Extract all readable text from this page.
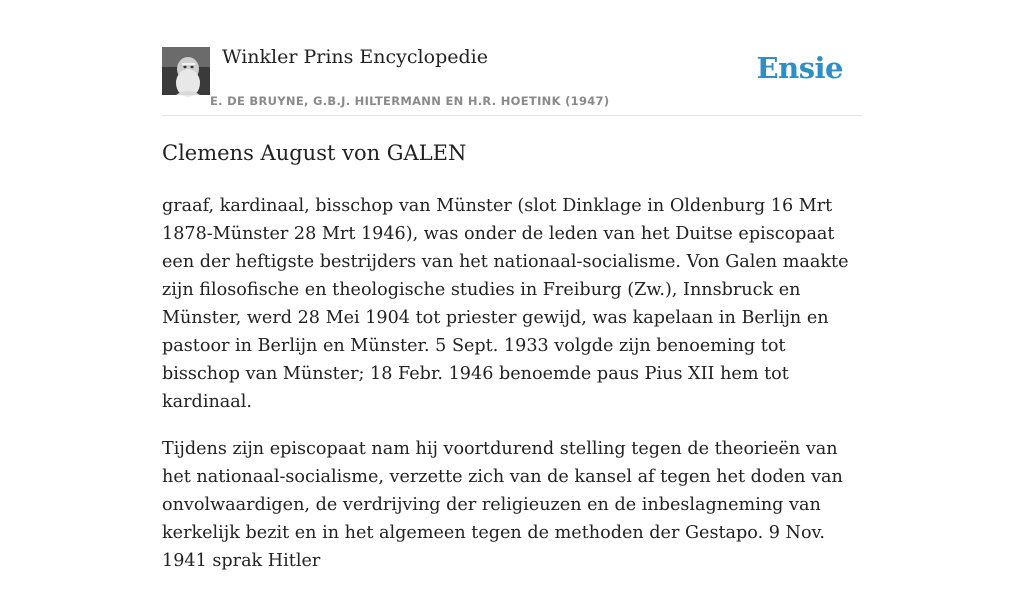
Winkler Prins Encyclopedie
E. DE BRUYNE, G.B.J. HILTERMANN EN H.R. HOETINK (1947)
Ensie
Clemens August von GALEN

graaf, kardinaal, bisschop van Münster (slot Dinklage in Oldenburg 16 Mrt 1878-Münster 28 Mrt 1946), was onder de leden van het Duitse episcopaat een der heftigste bestrijders van het nationaal-socialisme. Von Galen maakte zijn filosofische en theologische studies in Freiburg (Zw.), Innsbruck en Münster, werd 28 Mei 1904 tot priester gewijd, was kapelaan in Berlijn en pastoor in Berlijn en Münster. 5 Sept. 1933 volgde zijn benoeming tot bisschop van Münster; 18 Febr. 1946 benoemde paus Pius XII hem tot kardinaal.

Tijdens zijn episcopaat nam hij voortdurend stelling tegen de theorieën van het nationaal-socialisme, verzette zich van de kansel af tegen het doden van onvolwaardigen, de verdrijving der religieuzen en de inbeslagneming van kerkelijk bezit en in het algemeen tegen de methoden der Gestapo. 9 Nov. 1941 sprak Hitler
